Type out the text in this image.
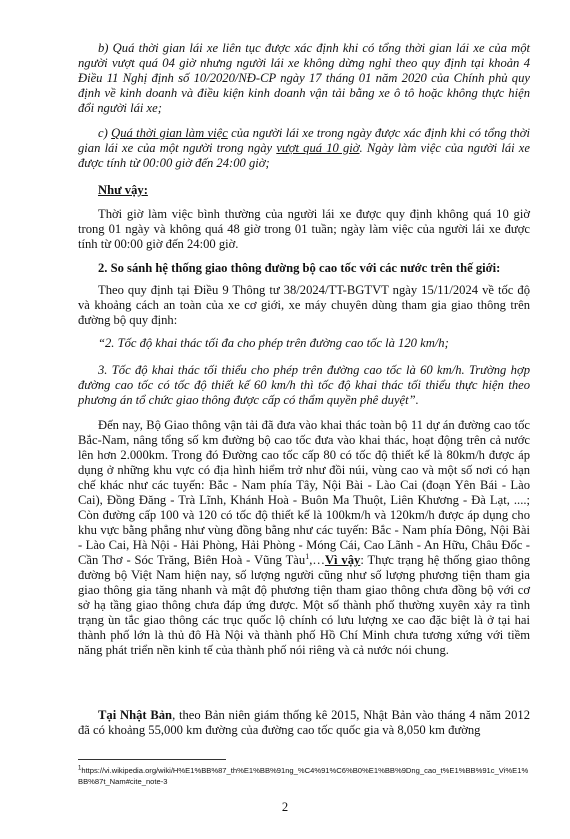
b) Quá thời gian lái xe liên tục được xác định khi có tổng thời gian lái xe của một người vượt quá 04 giờ nhưng người lái xe không dừng nghỉ theo quy định tại khoản 4 Điều 11 Nghị định số 10/2020/NĐ-CP ngày 17 tháng 01 năm 2020 của Chính phủ quy định về kinh doanh và điều kiện kinh doanh vận tải bằng xe ô tô hoặc không thực hiện đổi người lái xe;

c) Quá thời gian làm việc của người lái xe trong ngày được xác định khi có tổng thời gian lái xe của một người trong ngày vượt quá 10 giờ. Ngày làm việc của người lái xe được tính từ 00:00 giờ đến 24:00 giờ;

Như vậy:

Thời giờ làm việc bình thường của người lái xe được quy định không quá 10 giờ trong 01 ngày và không quá 48 giờ trong 01 tuần; ngày làm việc của người lái xe được tính từ 00:00 giờ đến 24:00 giờ.

2. So sánh hệ thống giao thông đường bộ cao tốc với các nước trên thế giới:

Theo quy định tại Điều 9 Thông tư 38/2024/TT-BGTVT ngày 15/11/2024 về tốc độ và khoảng cách an toàn của xe cơ giới, xe máy chuyên dùng tham gia giao thông trên đường bộ quy định:

“2. Tốc độ khai thác tối đa cho phép trên đường cao tốc là 120 km/h;

3. Tốc độ khai thác tối thiểu cho phép trên đường cao tốc là 60 km/h. Trường hợp đường cao tốc có tốc độ thiết kế 60 km/h thì tốc độ khai thác tối thiểu thực hiện theo phương án tổ chức giao thông được cấp có thẩm quyền phê duyệt”.

Đến nay, Bộ Giao thông vận tải đã đưa vào khai thác toàn bộ 11 dự án đường cao tốc Bắc-Nam, nâng tổng số km đường bộ cao tốc đưa vào khai thác, hoạt động trên cả nước lên hơn 2.000km. Trong đó Đường cao tốc cấp 80 có tốc độ thiết kế là 80km/h được áp dụng ở những khu vực có địa hình hiểm trở như đồi núi, vùng cao và một số nơi có hạn chế khác như các tuyến: Bắc - Nam phía Tây, Nội Bài - Lào Cai (đoạn Yên Bái - Lào Cai), Đồng Đăng - Trà Lĩnh, Khánh Hoà - Buôn Ma Thuột, Liên Khương - Đà Lạt, ....; Còn đường cấp 100 và 120 có tốc độ thiết kế là 100km/h và 120km/h được áp dụng cho khu vực bằng phẳng như vùng đồng bằng như các tuyến: Bắc - Nam phía Đông, Nội Bài - Lào Cai, Hà Nội - Hải Phòng, Hải Phòng - Móng Cái, Cao Lãnh - An Hữu, Châu Đốc - Cần Thơ - Sóc Trăng, Biên Hoà - Vũng Tàu$^1$,…Vì vậy: Thực trạng hệ thống giao thông đường bộ Việt Nam hiện nay, số lượng người cũng như số lượng phương tiện tham gia giao thông gia tăng nhanh và mật độ phương tiện tham giao thông chưa đồng bộ với cơ sở hạ tầng giao thông chưa đáp ứng được. Một số thành phố thường xuyên xảy ra tình trạng ùn tắc giao thông các trục quốc lộ chính có lưu lượng xe cao đặc biệt là ở tại hai thành phố lớn là thủ đô Hà Nội và thành phố Hồ Chí Minh chưa tương xứng với tiềm năng phát triển nền kinh tế của thành phố nói riêng và cả nước nói chung.

Tại Nhật Bản, theo Bản niên giám thống kê 2015, Nhật Bản vào tháng 4 năm 2012 đã có khoảng 55,000 km đường của đường cao tốc quốc gia và 8,050 km đường

$^1$https://vi.wikipedia.org/wiki/H%E1%BB%87_th%E1%BB%91ng_%C4%91%C6%B0%E1%BB%9Dng_cao_t%E1%BB%91c_Vi%E1%BB%87t_Nam#cite_note-3

2
